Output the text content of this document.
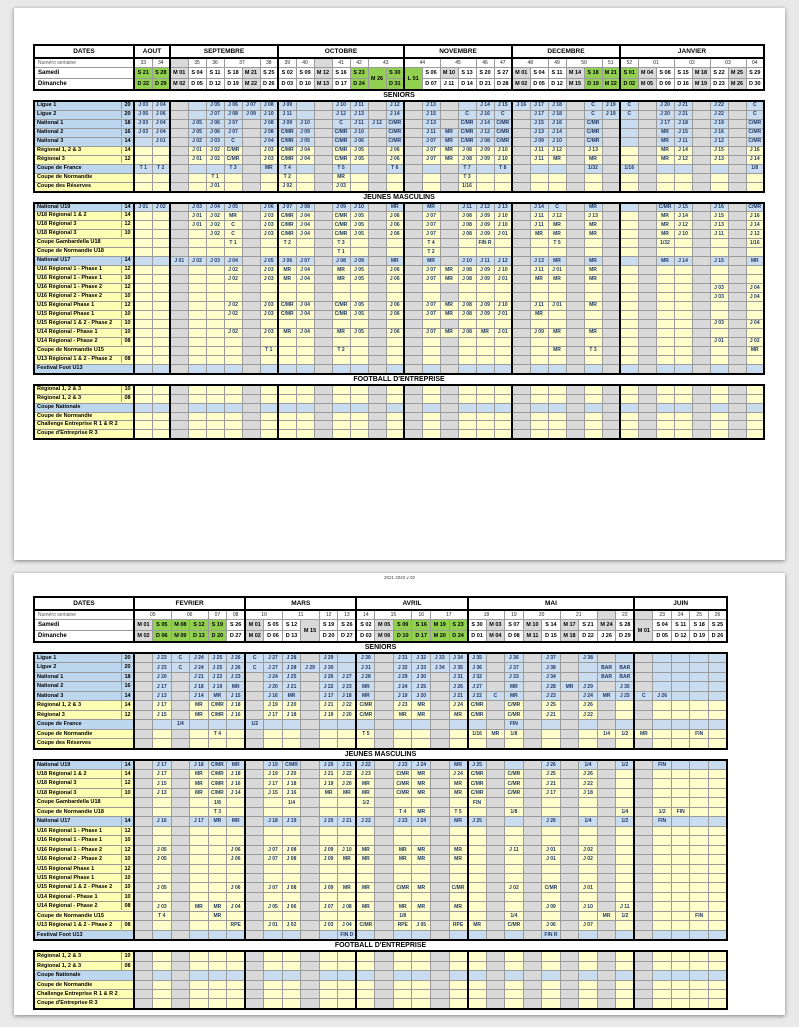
DATES	AOUT		SEPTEMBRE						OCTOBRE							NOVEMBRE						DECEMBRE						JANVIER							
Numéro semaine	33	34		35	36	37		38	39	40		41	42	43		44		45		46	47	48		49	50		51	52	01		02		03		04
Samedi	S 21	S 28	M 01	S 04	S 11	S 18	M 21	S 25	S 02	S 09	M 12	S 16	S 23	M 26	S 30	L 01	S 06	M 10	S 13	S 20	S 27	M 01	S 04	S 11	M 14	S 18	M 21	S 01	M 04	S 08	S 15	M 18	S 22	M 25	S 29
Dimanche	D 22	D 29	M 02	D 05	D 12	D 19	M 22	D 26	D 03	D 10	M 13	D 17	D 24		D 31		D 07	J 11	D 14	D 21	D 28	M 02	D 05	D 12	M 15	D 19	M 22	D 02	M 05	D 09	D 16	M 19	D 23	M 26	D 30
SENIORS																																			
Ligue 1 20	J 03	J 04			J 05	J 06	J 07	J 08	J 09			J 10	J 11		J 12		J 13			J 14	J 15	J 16	J 17	J 18		C	J 19	C		J 20	J 21		J 22		C
Ligue 2 20	J 05	J 06			J 07	J 08	J 09	J 10	J 11			J 12	J 13		J 14		J 15		C	J 16	C		J 17	J 18		C	J 19	C		J 20	J 21		J 22		C
National 1 18	J 03	J 04		J 05	J 06	J 07		J 08	J 09	J 10		C	J 11	J 12	C/MR		J 13		C/MR	J 14	C/MR		J 15	J 16		C/MR				J 17	J 18		J 19		C/MR
National 2 16	J 03	J 04		J 05	J 06	J 07		J 08	C/MR	J 09		C/MR	J 10		C/MR		J 11	MR	C/MR	J 12	C/MR		J 13	J 14		C/MR				MR	J 15		J 16		C/MR
National 3 14		J 01		J 02	J 03	C		J 04	C/MR	J 05		C/MR	J 06		C/MR		J 07	MR	C/MR	J 08	C/MR		J 09	J 10		C/MR				MR	J 11		J 12		C/MR
Régional 1, 2 & 3 14				J 01	J 02	C/MR		J 03	C/MR	J 04		C/MR	J 05		J 06		J 07	MR	J 08	J 09	J 10		J 11	J 12		J 13				MR	J 14		J 15		J 16
Régional 3 12				J 01	J 02	C/MR		J 03	C/MR	J 04		C/MR	J 05		J 06		J 07	MR	J 08	J 09	J 10		J 11	MR		MR				MR	J 12		J 13		J 14
Coupe de France	T 1	T 2				T 3		MR	T 4			T 5			T 6				T 7		T 8					1/32		1/16							1/8
Coupe de Normandie					T 1				T 2			MR							T 3																
Coupe des Réserves					J 01				J 02			J 03							1/16																
JEUNES MASCULINS																																			
National U19 14	J 01	J 02		J 03	J 04	J 05		J 06	J 07	J 08		J 09	J 10		MR		MR		J 11	J 12	J 13		J 14	C		MR				C/MR	J 15		J 16		C/MR
U18 Régional 1 & 2 14				J 01	J 02	MR		J 03	C/MR	J 04		C/MR	J 05		J 06		J 07		J 08	J 09	J 10		J 11	J 12		J 13				MR	J 14		J 15		J 16
U18 Régional 3 12				J 01	J 02	C		J 03	C/MR	J 04		C/MR	J 05		J 06		J 07		J 08	J 09	J 10		J 11	MR		MR				MR	J 12		J 13		J 14
U18 Régional 3 10					J 02	C		J 03	C/MR	J 04		C/MR	J 05		J 06		J 07		J 08	J 09	J 01		MR	MR		MR				MR	J 10		J 11		J 12
Coupe Gambardella U18						T 1			T 2			T 3					T 4			FIN R				T 5						1/32					1/16
Coupe de Normandie U18												T 1					T 2																		
National U17 14			J 01	J 02	J 03	J 04		J 05	J 06	J 07		J 08	J 09		MR		MR		J 10	J 11	J 12		J 13	MR		MR				MR	J 14		J 15		MR
U16 Régional 1 - Phase 1 12						J 02		J 03	MR	J 04		MR	J 05		J 06		J 07	MR	J 08	J 09	J 10		J 11	J 01		MR									
U16 Régional 1 - Phase 1 10						J 02		J 03	MR	J 04		MR	J 05		J 06		J 07	MR	J 08	J 09	J 01		MR	MR		MR									
U16 Régional 1 - Phase 2 12																																	J 03		J 04
U16 Régional 2 - Phase 2 10																																	J 03		J 04
U15 Régional Phase 1 12						J 02		J 03	C/MR	J 04		C/MR	J 05		J 06		J 07	MR	J 08	J 09	J 10		J 11	J 01		MR									
U15 Régional Phase 1 10						J 02		J 03	C/MR	J 04		C/MR	J 05		J 06		J 07	MR	J 08	J 09	J 01		MR												
U15 Régional 1 & 2 - Phase 2 10																																	J 03		J 04
U14 Régional - Phase 1 10						J 02		J 03	MR	J 04		MR	J 05		J 06		J 07	MR	J 08	MR	J 01		J 09	MR		MR									
U14 Régional - Phase 2 08																																	J 01		J 02
Coupe de Normandie U15								T 1				T 2												MR		T 3									MR
U13 Régional 1 & 2 - Phase 2 08																																			
Festival Foot U13																																			
FOOTBALL D'ENTREPRISE																																			
Régional 1, 2 & 3 10																																			
Régional 1, 2 & 3 08																																			
Coupe Nationale																																			
Coupe de Normandie																																			
Challenge Entreprise R 1 & R 2																																			
Coupe d'Entreprise R 3																																			
2021 2022 v 02
DATES	FEVRIER						MARS						AVRIL						MAI									JUIN				
Numéro semaine	05		06		07	08	10		11		12	13	14	15		16	17		18		19	20		21			22		23	24	25	26
Samedi	M 01	S 05	M 08	S 12	S 19	S 26	M 01	S 05	S 12	M 15	S 19	S 26	S 02	M 05	S 09	S 16	M 19	S 23	S 30	M 03	S 07	M 10	S 14	M 17	S 21	M 24	S 28	M 01	S 04	S 11	S 18	S 25
Dimanche	M 02	D 06	M 09	D 13	D 20	D 27	M 02	D 06	D 13		D 20	D 27	D 03	M 06	D 10	D 17	M 20	D 24	D 01	M 04	D 08	M 11	D 15	M 18	D 22	J 26	D 29		D 05	D 12	D 19	D 26
SENIORS																																
Ligue 1 20		J 23	C	J 24	J 25	J 26	C	J 27	J 28		J 29		J 30		J 31	J 32	J 33	J 34	J 35		J 36		J 37		J 38							
Ligue 2 20		J 23	C	J 24	J 25	J 26	C	J 27	J 28	J 29	J 30		J 31		J 32	J 33	J 34	J 35	J 36		J 37		J 38			BAR	BAR					
National 1 18		J 20		J 21	J 22	J 23		J 24	J 25		J 26	J 27	J 28		J 29	J 30		J 31	J 32		J 33		J 34			BAR	BAR					
National 2 16		J 17		J 18	J 19	MR		J 20	J 21		J 22	J 23	MR		J 24	J 25		J 26	J 27		MR		J 28	MR	J 29		J 30					
National 3 14		J 13		J 14	MR	J 15		J 16	MR		J 17	J 18	MR		J 19	J 20		J 21	J 22	C	MR		J 23		J 24	MR	J 25	C	J 26			
Régional 1, 2 & 3 14		J 17		MR	C/MR	J 18		J 19	J 20		J 21	J 22	C/MR		J 23	MR		J 24	C/MR		C/MR		J 25		J 26							
Régional 3 12		J 15		MR	C/MR	J 16		J 17	J 18		J 19	J 20	C/MR		MR	MR		MR	C/MR		C/MR		J 21		J 22							
Coupe de France			1/4				1/2														FIN											
Coupe de Normandie					T 4								T 5						1/16	MR	1/8					1/4	1/2	MR			FIN	
Coupe des Réserves																																
JEUNES MASCULINS																																
National U19 14		J 17		J 18	C/MR	MR		J 19	C/MR		J 20	J 21	J 22		J 23	J 24		MR	J 25				J 26		1/4		1/2		FIN			
U18 Régional 1 & 2 14		J 17		MR	C/MR	J 18		J 19	J 20		J 21	J 22	J 23		C/MR	MR		J 24	C/MR		C/MR		J 25		J 26							
U18 Régional 3 12		J 15		MR	C/MR	J 16		J 17	J 18		J 19	J 20	MR		C/MR	MR		MR	C/MR		C/MR		J 21		J 22							
U18 Régional 3 10		J 13		MR	C/MR	J 14		J 15	J 16		MR	MR	MR		C/MR	MR		MR	C/MR		C/MR		J 17		J 18							
Coupe Gambardella U18					1/8				1/4				1/2						FIN													
Coupe de Normandie U18					T 3										T 4	MR		T 5			1/8						1/4		1/2	FIN		
National U17 14		J 16		J 17	MR	MR		J 18	J 19		J 20	J 21	J 22		J 23	J 24		MR	J 25				J 26		1/4		1/2		FIN			
U16 Régional 1 - Phase 1 12																																
U16 Régional 1 - Phase 1 10																																
U16 Régional 1 - Phase 2 12		J 05				J 06		J 07	J 08		J 09	J 10	MR		MR	MR		MR			J 11		J 01		J 02							
U16 Régional 2 - Phase 2 10		J 05				J 06		J 07	J 08		J 09	MR	MR		MR	MR		MR					J 01		J 02							
U15 Régional Phase 1 12																																
U15 Régional Phase 1 10																																
U15 Régional 1 & 2 - Phase 2 10		J 05				J 06		J 07	J 08		J 09	MR	MR		C/MR	MR		C/MR			J 02		C/MR		J 01							
U14 Régional - Phase 1 10																																
U14 Régional - Phase 2 08		J 03		MR	MR	J 04		J 05	J 06		J 07	J 08	MR		MR	MR		MR					J 09		J 10		J 11					
Coupe de Normandie U15		T 4			MR										1/8						1/4					MR	1/2				FIN	
U13 Régional 1 & 2 - Phase 2 08						RPE		J 01	J 02		J 03	J 04	C/MR		RPE	J 05		RPE	MR		C/MR		J 06		J 07							
Festival Foot U13												FIN D											FIN R									
FOOTBALL D'ENTREPRISE																																
Régional 1, 2 & 3 10																																
Régional 1, 2 & 3 08																																
Coupe Nationale																																
Coupe de Normandie																																
Challenge Entreprise R 1 & R 2																																
Coupe d'Entreprise R 3																																
